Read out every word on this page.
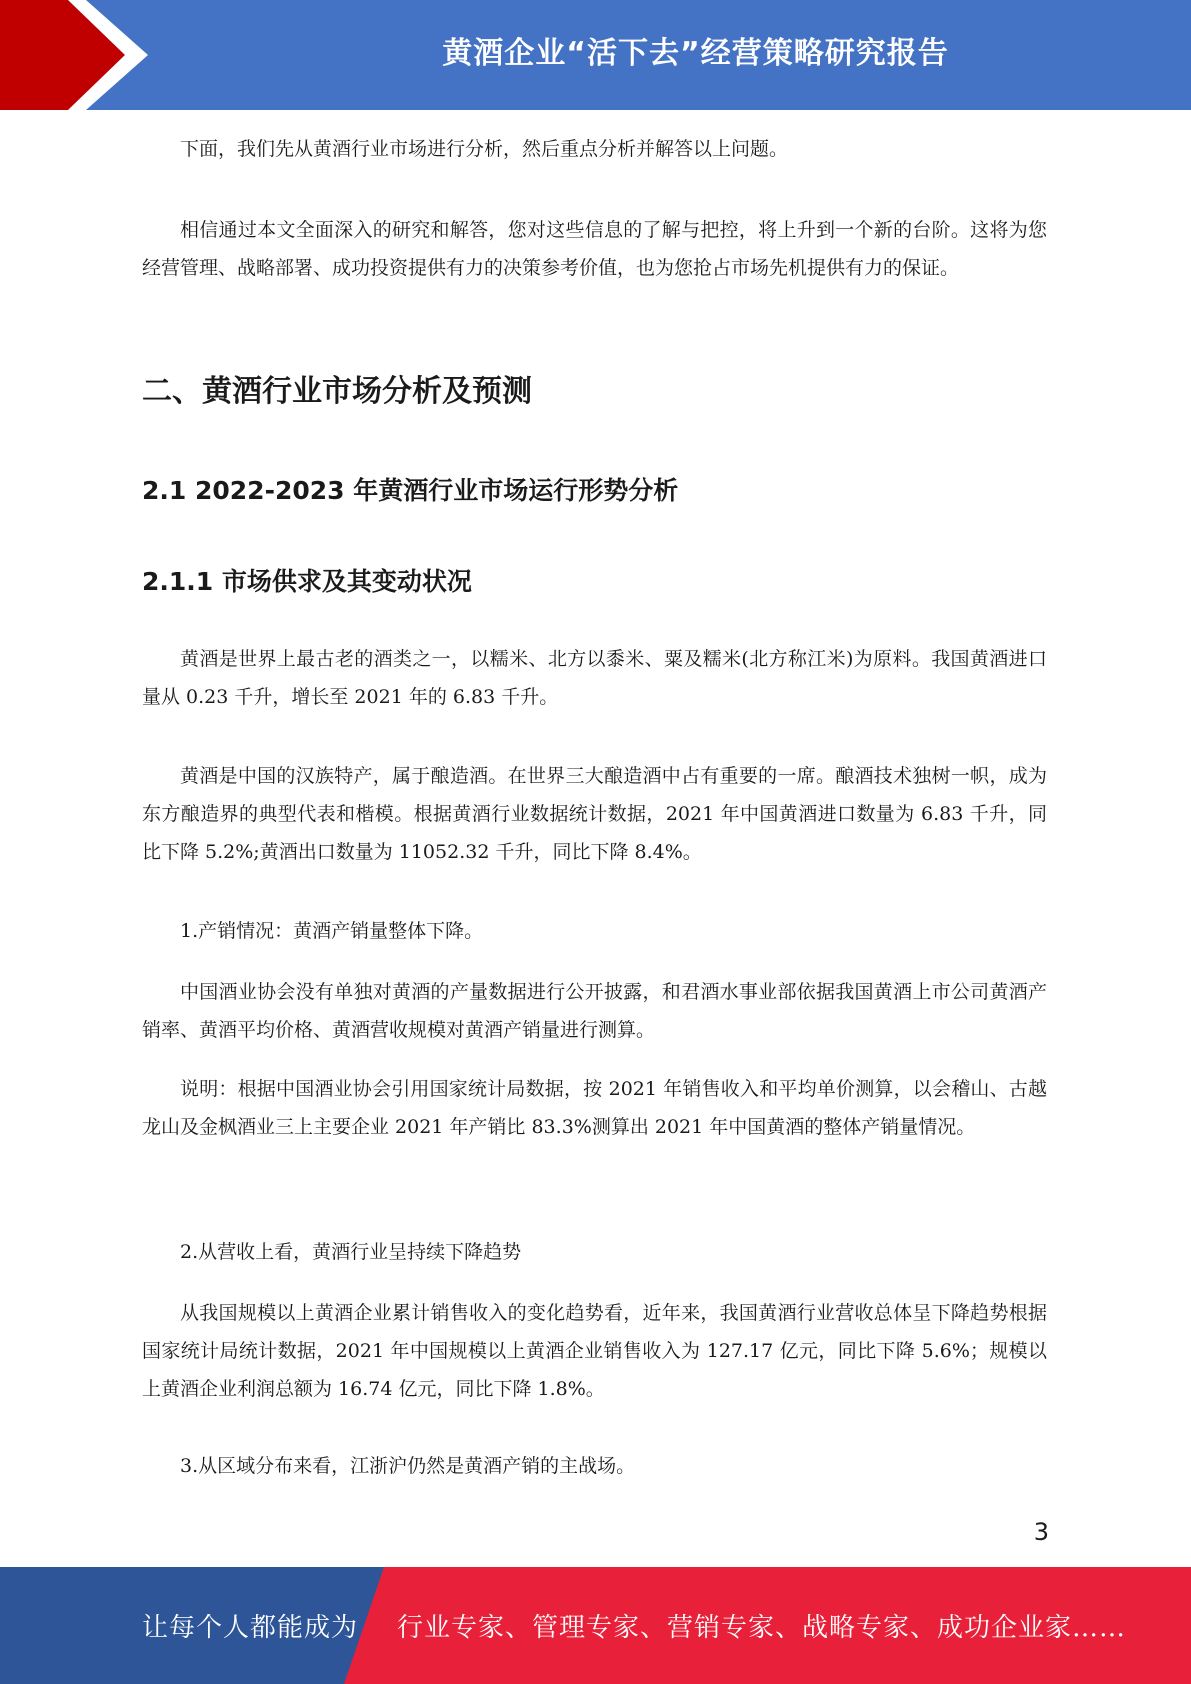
黄酒企业“活下去”经营策略研究报告

下面，我们先从黄酒行业市场进行分析，然后重点分析并解答以上问题。

相信通过本文全面深入的研究和解答，您对这些信息的了解与把控，将上升到一个新的台阶。这将为您经营管理、战略部署、成功投资提供有力的决策参考价值，也为您抢占市场先机提供有力的保证。

二、黄酒行业市场分析及预测
2.1 2022-2023 年黄酒行业市场运行形势分析
2.1.1 市场供求及其变动状况

黄酒是世界上最古老的酒类之一，以糯米、北方以黍米、粟及糯米(北方称江米)为原料。我国黄酒进口量从 0.23 千升，增长至 2021 年的 6.83 千升。

黄酒是中国的汉族特产，属于酿造酒。在世界三大酿造酒中占有重要的一席。酿酒技术独树一帜，成为东方酿造界的典型代表和楷模。根据黄酒行业数据统计数据，2021 年中国黄酒进口数量为 6.83 千升，同比下降 5.2%;黄酒出口数量为 11052.32 千升，同比下降 8.4%。

1.产销情况：黄酒产销量整体下降。

中国酒业协会没有单独对黄酒的产量数据进行公开披露，和君酒水事业部依据我国黄酒上市公司黄酒产销率、黄酒平均价格、黄酒营收规模对黄酒产销量进行测算。

说明：根据中国酒业协会引用国家统计局数据，按 2021 年销售收入和平均单价测算，以会稽山、古越龙山及金枫酒业三上主要企业 2021 年产销比 83.3%测算出 2021 年中国黄酒的整体产销量情况。

2.从营收上看，黄酒行业呈持续下降趋势

从我国规模以上黄酒企业累计销售收入的变化趋势看，近年来，我国黄酒行业营收总体呈下降趋势根据国家统计局统计数据，2021 年中国规模以上黄酒企业销售收入为 127.17 亿元，同比下降 5.6%；规模以上黄酒企业利润总额为 16.74 亿元，同比下降 1.8%。

3.从区域分布来看，江浙沪仍然是黄酒产销的主战场。

3
让每个人都能成为 行业专家、管理专家、营销专家、战略专家、成功企业家……
